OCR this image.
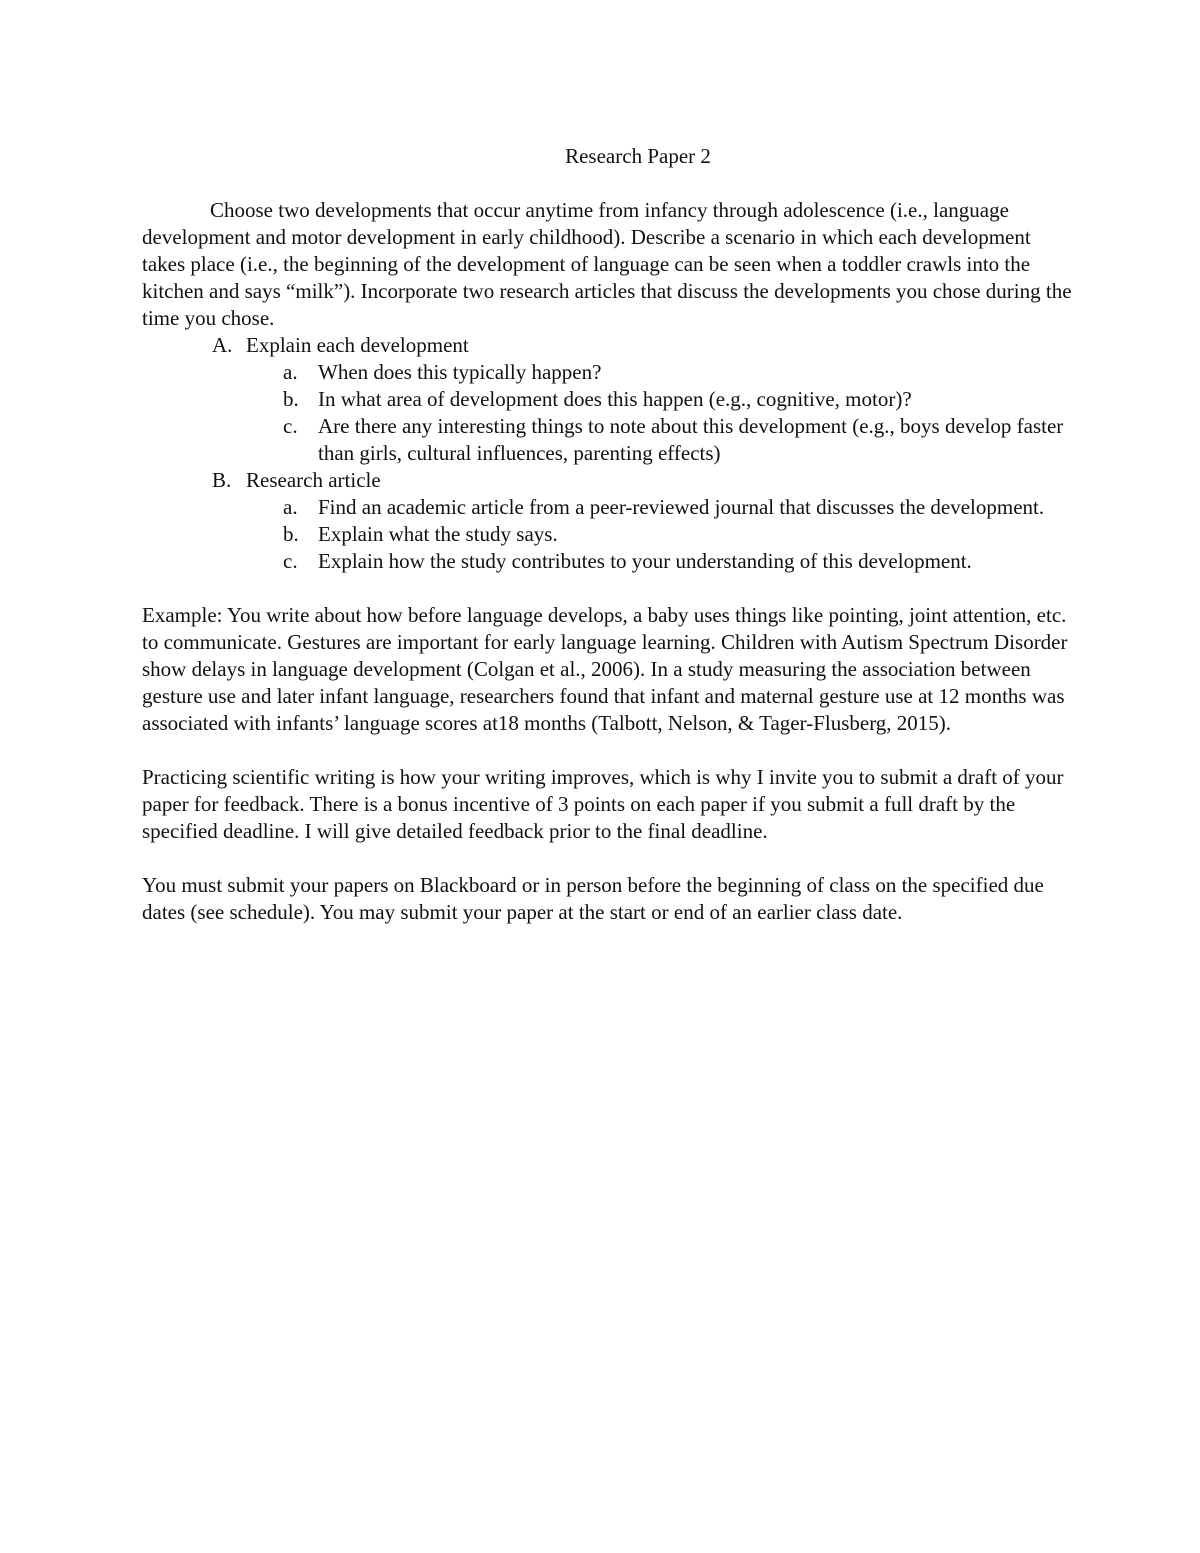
Research Paper 2

Choose two developments that occur anytime from infancy through adolescence (i.e., language development and motor development in early childhood). Describe a scenario in which each development takes place (i.e., the beginning of the development of language can be seen when a toddler crawls into the kitchen and says “milk”). Incorporate two research articles that discuss the developments you chose during the time you chose.

A. Explain each development
a. When does this typically happen?
b. In what area of development does this happen (e.g., cognitive, motor)?
c. Are there any interesting things to note about this development (e.g., boys develop faster than girls, cultural influences, parenting effects)
B. Research article
a. Find an academic article from a peer-reviewed journal that discusses the development.
b. Explain what the study says.
c. Explain how the study contributes to your understanding of this development.

Example: You write about how before language develops, a baby uses things like pointing, joint attention, etc. to communicate. Gestures are important for early language learning. Children with Autism Spectrum Disorder show delays in language development (Colgan et al., 2006). In a study measuring the association between gesture use and later infant language, researchers found that infant and maternal gesture use at 12 months was associated with infants’ language scores at18 months (Talbott, Nelson, & Tager-Flusberg, 2015).

Practicing scientific writing is how your writing improves, which is why I invite you to submit a draft of your paper for feedback. There is a bonus incentive of 3 points on each paper if you submit a full draft by the specified deadline. I will give detailed feedback prior to the final deadline.

You must submit your papers on Blackboard or in person before the beginning of class on the specified due dates (see schedule). You may submit your paper at the start or end of an earlier class date.
